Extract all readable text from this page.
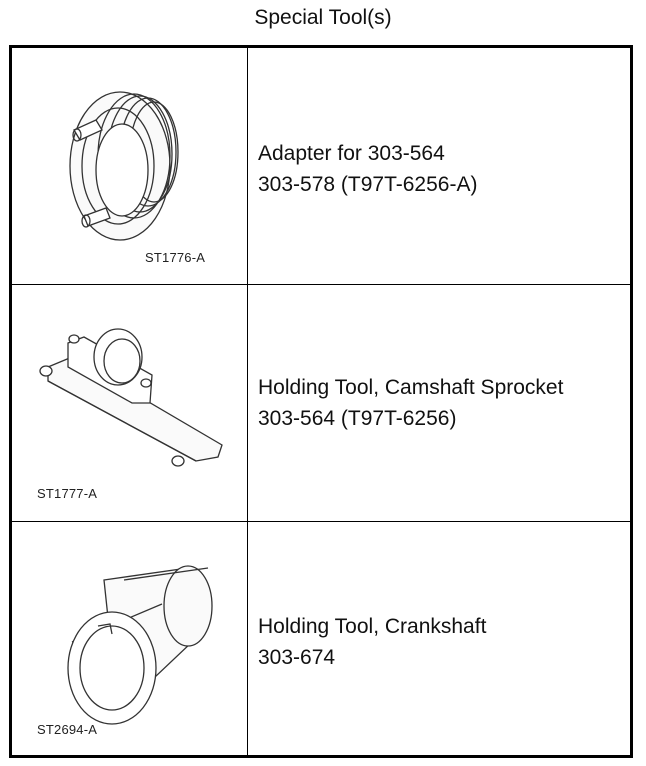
Special Tool(s)
ST1776-A
Adapter for 303-564
303-578 (T97T-6256-A)
ST1777-A
Holding Tool, Camshaft Sprocket
303-564 (T97T-6256)
ST2694-A
Holding Tool, Crankshaft
303-674
